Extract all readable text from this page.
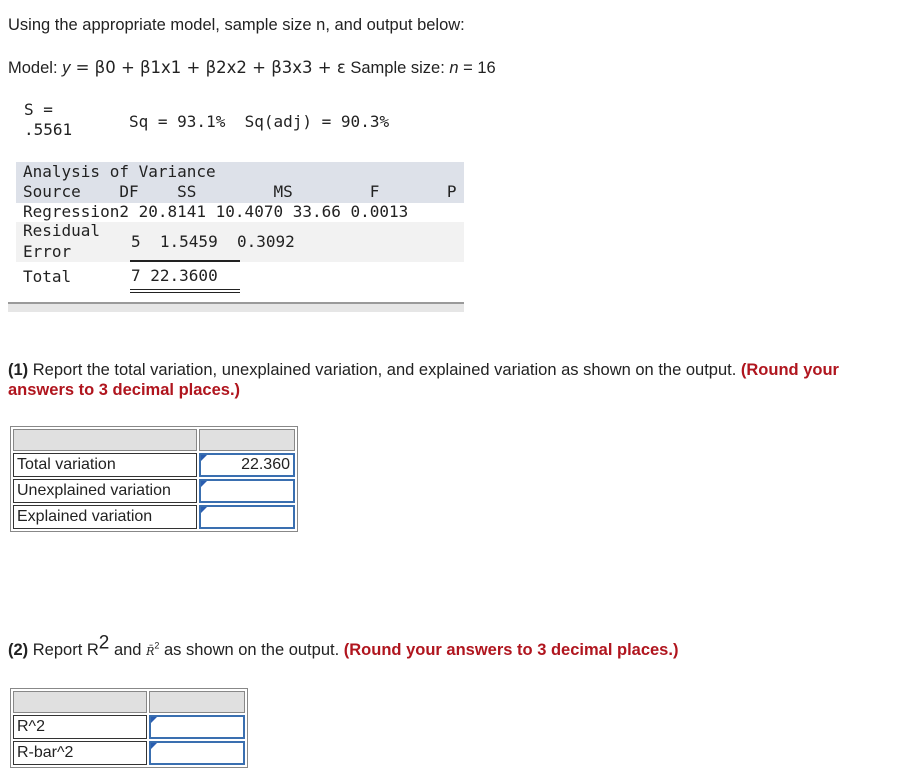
Using the appropriate model, sample size n, and output below:
Model: y = β0 + β1x1 + β2x2 + β3x3 + ε Sample size: n = 16
S =
.5561	Sq = 93.1%  Sq(adj) = 90.3%
Analysis of Variance
Source    DF    SS        MS        F       P
Regression2 20.8141 10.4070 33.66 0.0013
Residual
Error
5  1.5459  0.3092
Total	7 22.3600
(1) Report the total variation, unexplained variation, and explained variation as shown on the output. (Round your answers to 3 decimal places.)

Total variation	22.360
Unexplained variation	
Explained variation	
(2) Report $R^2$ and R̄$^2$ as shown on the output. (Round your answers to 3 decimal places.)

R^2	
R-bar^2	
